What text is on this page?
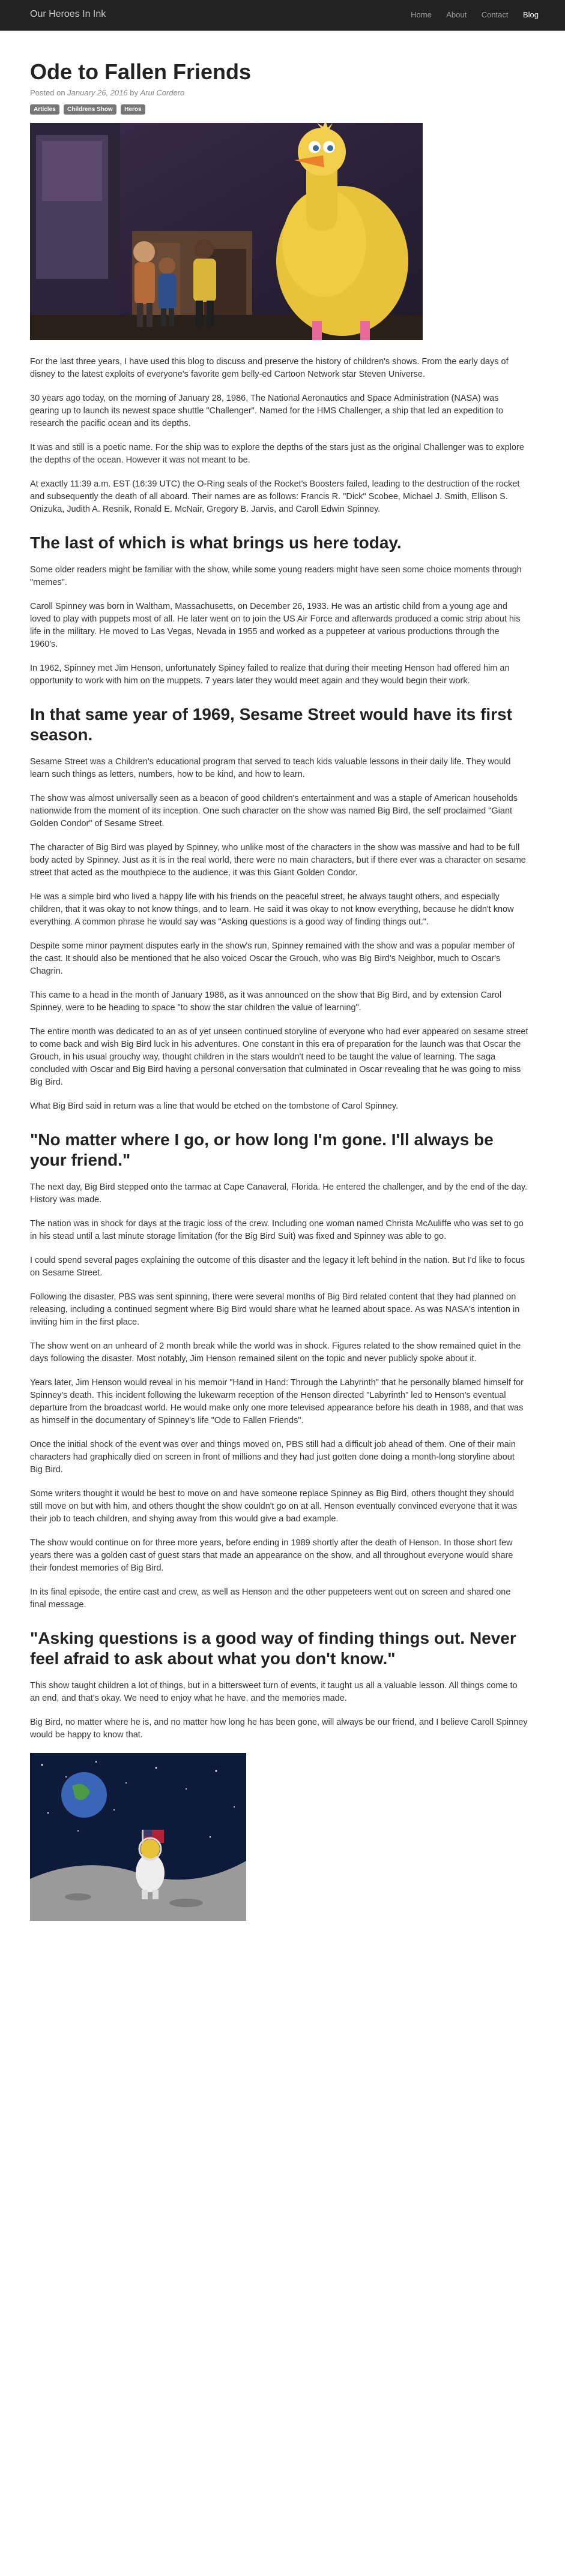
Our Heroes In Ink	Home About Contact Blog
Ode to Fallen Friends
Posted on January 26, 2016 by Arui Cordero
Articles Childrens Show Heros

For the last three years, I have used this blog to discuss and preserve the history of children's shows. From the early days of disney to the latest exploits of everyone's favorite gem belly-ed Cartoon Network star Steven Universe.

30 years ago today, on the morning of January 28, 1986, The National Aeronautics and Space Administration (NASA) was gearing up to launch its newest space shuttle "Challenger". Named for the HMS Challenger, a ship that led an expedition to research the pacific ocean and its depths.

It was and still is a poetic name. For the ship was to explore the depths of the stars just as the original Challenger was to explore the depths of the ocean. However it was not meant to be.

At exactly 11:39 a.m. EST (16:39 UTC) the O-Ring seals of the Rocket's Boosters failed, leading to the destruction of the rocket and subsequently the death of all aboard. Their names are as follows: Francis R. "Dick" Scobee, Michael J. Smith, Ellison S. Onizuka, Judith A. Resnik, Ronald E. McNair, Gregory B. Jarvis, and Caroll Edwin Spinney.

The last of which is what brings us here today.

Some older readers might be familiar with the show, while some young readers might have seen some choice moments through "memes".

Caroll Spinney was born in Waltham, Massachusetts, on December 26, 1933. He was an artistic child from a young age and loved to play with puppets most of all. He later went on to join the US Air Force and afterwards produced a comic strip about his life in the military. He moved to Las Vegas, Nevada in 1955 and worked as a puppeteer at various productions through the 1960's.

In 1962, Spinney met Jim Henson, unfortunately Spiney failed to realize that during their meeting Henson had offered him an opportunity to work with him on the muppets. 7 years later they would meet again and they would begin their work.

In that same year of 1969, Sesame Street would have its first season.

Sesame Street was a Children's educational program that served to teach kids valuable lessons in their daily life. They would learn such things as letters, numbers, how to be kind, and how to learn.

The show was almost universally seen as a beacon of good children's entertainment and was a staple of American households nationwide from the moment of its inception. One such character on the show was named Big Bird, the self proclaimed "Giant Golden Condor" of Sesame Street.

The character of Big Bird was played by Spinney, who unlike most of the characters in the show was massive and had to be full body acted by Spinney. Just as it is in the real world, there were no main characters, but if there ever was a character on sesame street that acted as the mouthpiece to the audience, it was this Giant Golden Condor.

He was a simple bird who lived a happy life with his friends on the peaceful street, he always taught others, and especially children, that it was okay to not know things, and to learn. He said it was okay to not know everything, because he didn't know everything. A common phrase he would say was "Asking questions is a good way of finding things out.".

Despite some minor payment disputes early in the show's run, Spinney remained with the show and was a popular member of the cast. It should also be mentioned that he also voiced Oscar the Grouch, who was Big Bird's Neighbor, much to Oscar's Chagrin.

This came to a head in the month of January 1986, as it was announced on the show that Big Bird, and by extension Carol Spinney, were to be heading to space "to show the star children the value of learning".

The entire month was dedicated to an as of yet unseen continued storyline of everyone who had ever appeared on sesame street to come back and wish Big Bird luck in his adventures. One constant in this era of preparation for the launch was that Oscar the Grouch, in his usual grouchy way, thought children in the stars wouldn't need to be taught the value of learning. The saga concluded with Oscar and Big Bird having a personal conversation that culminated in Oscar revealing that he was going to miss Big Bird.

What Big Bird said in return was a line that would be etched on the tombstone of Carol Spinney.

"No matter where I go, or how long I'm gone. I'll always be your friend."

The next day, Big Bird stepped onto the tarmac at Cape Canaveral, Florida. He entered the challenger, and by the end of the day. History was made.

The nation was in shock for days at the tragic loss of the crew. Including one woman named Christa McAuliffe who was set to go in his stead until a last minute storage limitation (for the Big Bird Suit) was fixed and Spinney was able to go.

I could spend several pages explaining the outcome of this disaster and the legacy it left behind in the nation. But I'd like to focus on Sesame Street.

Following the disaster, PBS was sent spinning, there were several months of Big Bird related content that they had planned on releasing, including a continued segment where Big Bird would share what he learned about space. As was NASA's intention in inviting him in the first place.

The show went on an unheard of 2 month break while the world was in shock. Figures related to the show remained quiet in the days following the disaster. Most notably, Jim Henson remained silent on the topic and never publicly spoke about it.

Years later, Jim Henson would reveal in his memoir "Hand in Hand: Through the Labyrinth" that he personally blamed himself for Spinney's death. This incident following the lukewarm reception of the Henson directed "Labyrinth" led to Henson's eventual departure from the broadcast world. He would make only one more televised appearance before his death in 1988, and that was as himself in the documentary of Spinney's life "Ode to Fallen Friends".

Once the initial shock of the event was over and things moved on, PBS still had a difficult job ahead of them. One of their main characters had graphically died on screen in front of millions and they had just gotten done doing a month-long storyline about Big Bird.

Some writers thought it would be best to move on and have someone replace Spinney as Big Bird, others thought they should still move on but with him, and others thought the show couldn't go on at all. Henson eventually convinced everyone that it was their job to teach children, and shying away from this would give a bad example.

The show would continue on for three more years, before ending in 1989 shortly after the death of Henson. In those short few years there was a golden cast of guest stars that made an appearance on the show, and all throughout everyone would share their fondest memories of Big Bird.

In its final episode, the entire cast and crew, as well as Henson and the other puppeteers went out on screen and shared one final message.

"Asking questions is a good way of finding things out. Never feel afraid to ask about what you don't know."

This show taught children a lot of things, but in a bittersweet turn of events, it taught us all a valuable lesson. All things come to an end, and that's okay. We need to enjoy what he have, and the memories made.

Big Bird, no matter where he is, and no matter how long he has been gone, will always be our friend, and I believe Caroll Spinney would be happy to know that.
